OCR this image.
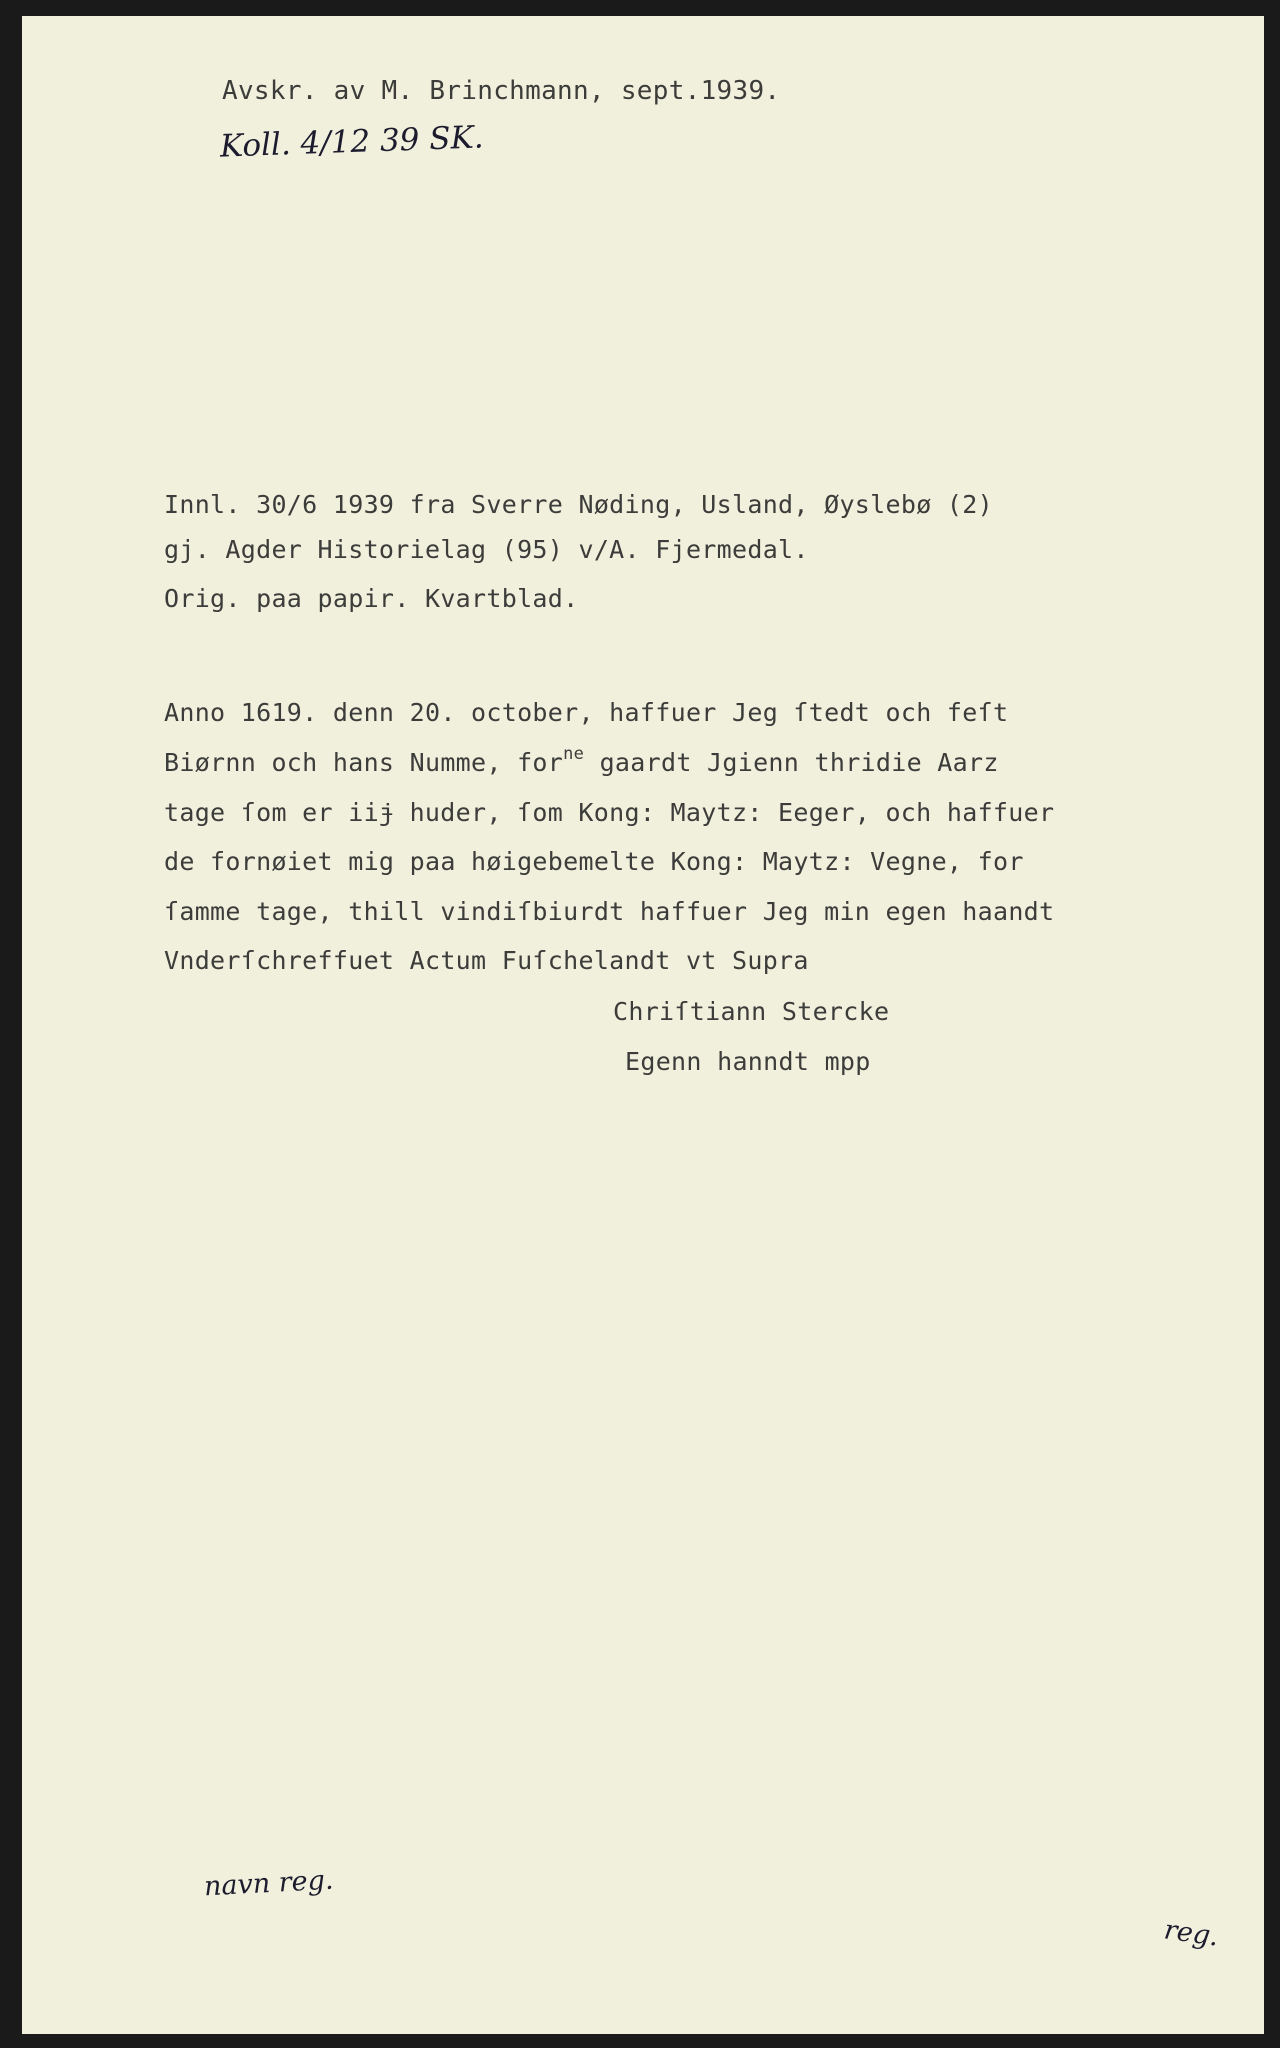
Avskr. av M. Brinchmann, sept.1939.
Koll. 4/12 39 SK.
Innl. 30/6 1939 fra Sverre Nøding, Usland, Øyslebø (2)
gj. Agder Historielag (95) v/A. Fjermedal.
Orig. paa papir. Kvartblad.
Anno 1619. denn 20. october, haffuer Jeg ſtedt och feſt
Biørnn och hans Numme, for$^{ne}$ gaardt Jgienn thridie Aarz
tage ſom er iiɉ huder, ſom Kong: Maytz: Eeger, och haffuer
de fornøiet mig paa høigebemelte Kong: Maytz: Vegne, for
ſamme tage, thill vindiſbiurdt haffuer Jeg min egen haandt
Vnderſchreffuet Actum Fuſchelandt vt Supra
Chriſtiann Stercke
Egenn hanndt mpp
navn reg.
reg.
